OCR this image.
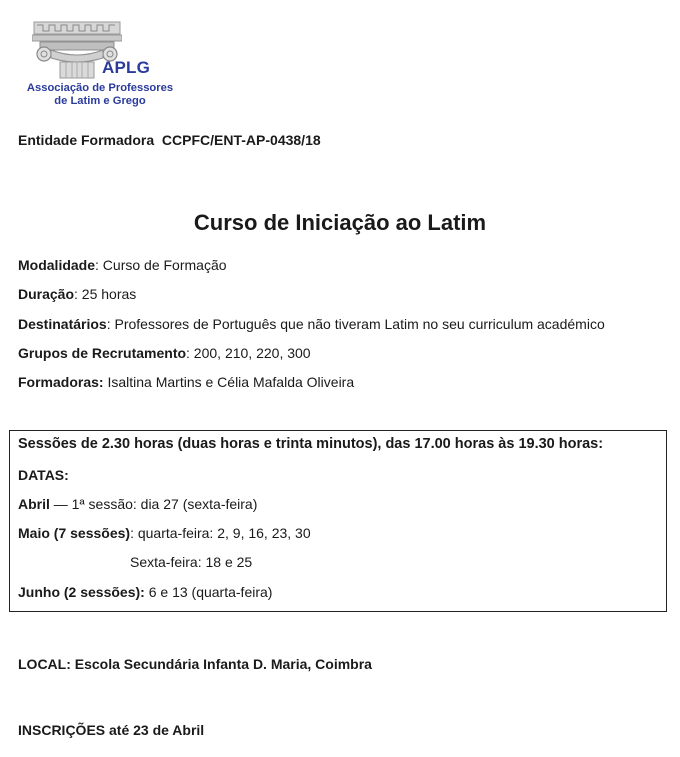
APLG
Associação de Professores
de Latim e Grego
Entidade Formadora CCPFC/ENT-AP-0438/18
Curso de Iniciação ao Latim
Modalidade: Curso de Formação
Duração: 25 horas
Destinatários: Professores de Português que não tiveram Latim no seu curriculum académico
Grupos de Recrutamento: 200, 210, 220, 300
Formadoras: Isaltina Martins e Célia Mafalda Oliveira
Sessões de 2.30 horas (duas horas e trinta minutos), das 17.00 horas às 19.30 horas:
DATAS:
Abril — 1ª sessão: dia 27 (sexta-feira)
Maio (7 sessões): quarta-feira: 2, 9, 16, 23, 30
Sexta-feira: 18 e 25
Junho (2 sessões): 6 e 13 (quarta-feira)
LOCAL: Escola Secundária Infanta D. Maria, Coimbra
INSCRIÇÕES até 23 de Abril
